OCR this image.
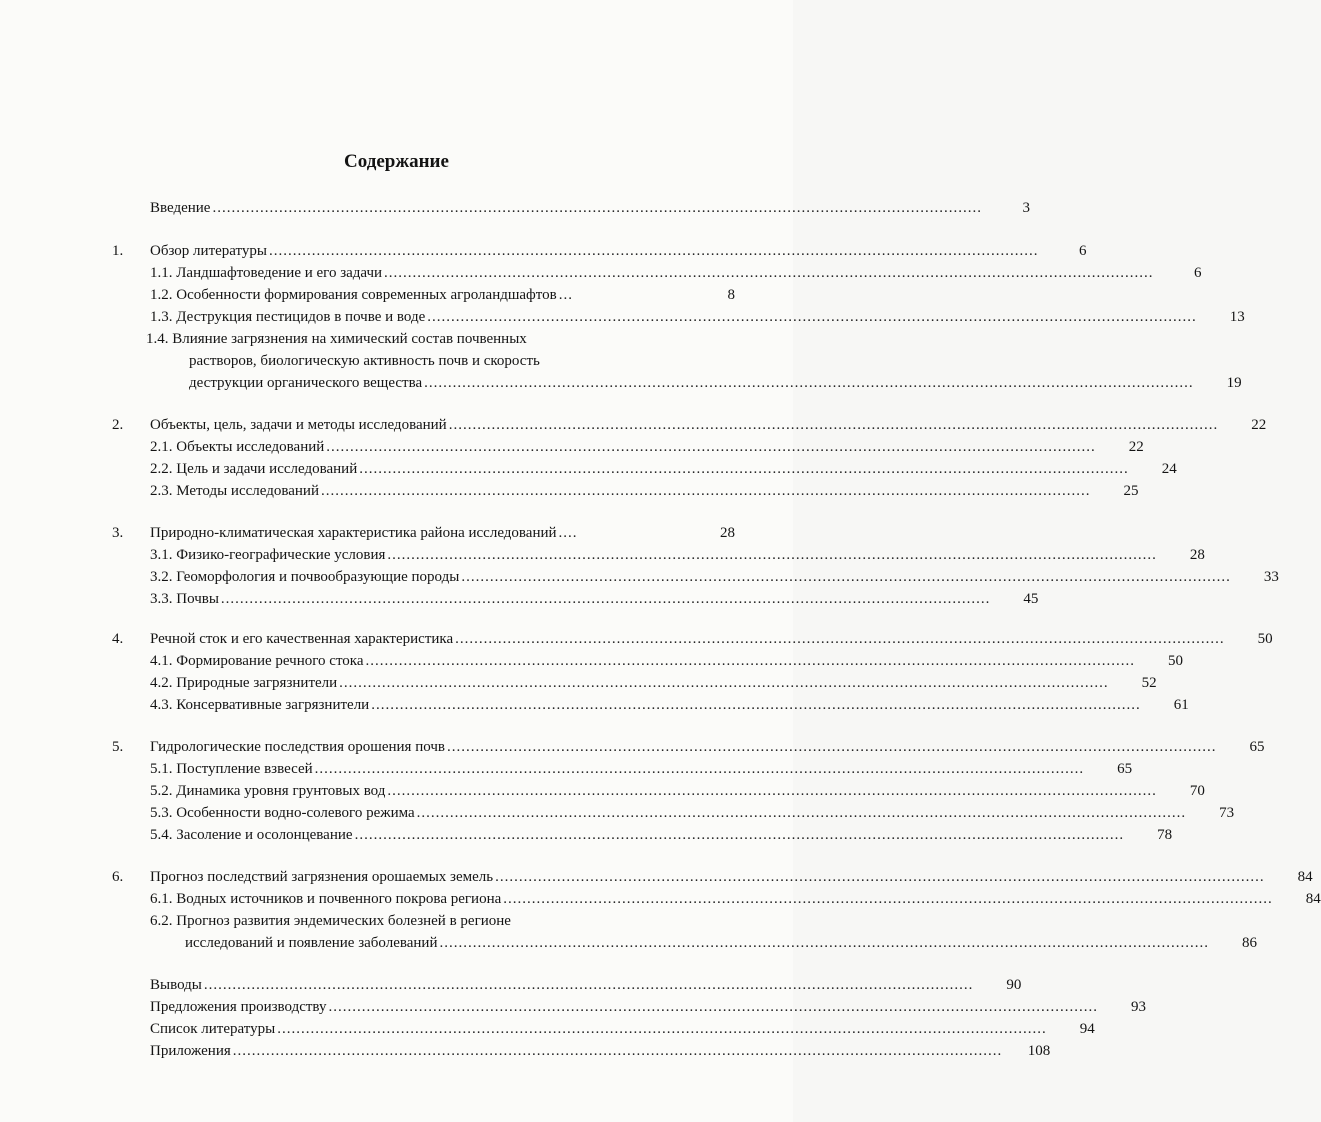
Содержание
Введение ..................................................................................................................................................................	3
1. Обзор литературы ..................................................................................................................................................................	6
1.1. Ландшафтоведение и его задачи ..................................................................................................................................................................	6
1.2. Особенности формирования современных агроландшафтов ...	8
1.3. Деструкция пестицидов в почве и воде ..................................................................................................................................................................	13
1.4. Влияние загрязнения на химический состав почвенных
растворов, биологическую активность почв и скорость
деструкции органического вещества ..................................................................................................................................................................	19
2. Объекты, цель, задачи и методы исследований ..................................................................................................................................................................	22
2.1. Объекты исследований ..................................................................................................................................................................	22
2.2. Цель и задачи исследований ..................................................................................................................................................................	24
2.3. Методы исследований ..................................................................................................................................................................	25
3. Природно-климатическая характеристика района исследований ....	28
3.1. Физико-географические условия ..................................................................................................................................................................	28
3.2. Геоморфология и почвообразующие породы ..................................................................................................................................................................	33
3.3. Почвы ..................................................................................................................................................................	45
4. Речной сток и его качественная характеристика ..................................................................................................................................................................	50
4.1. Формирование речного стока ..................................................................................................................................................................	50
4.2. Природные загрязнители ..................................................................................................................................................................	52
4.3. Консервативные загрязнители ..................................................................................................................................................................	61
5. Гидрологические последствия орошения почв ..................................................................................................................................................................	65
5.1. Поступление взвесей ..................................................................................................................................................................	65
5.2. Динамика уровня грунтовых вод ..................................................................................................................................................................	70
5.3. Особенности водно-солевого режима ..................................................................................................................................................................	73
5.4. Засоление и осолонцевание ..................................................................................................................................................................	78
6. Прогноз последствий загрязнения орошаемых земель ..................................................................................................................................................................	84
6.1. Водных источников и почвенного покрова региона ..................................................................................................................................................................	84
6.2. Прогноз развития эндемических болезней в регионе
исследований и появление заболеваний ..................................................................................................................................................................	86
Выводы ..................................................................................................................................................................	90
Предложения производству ..................................................................................................................................................................	93
Список литературы ..................................................................................................................................................................	94
Приложения ..................................................................................................................................................................	108
